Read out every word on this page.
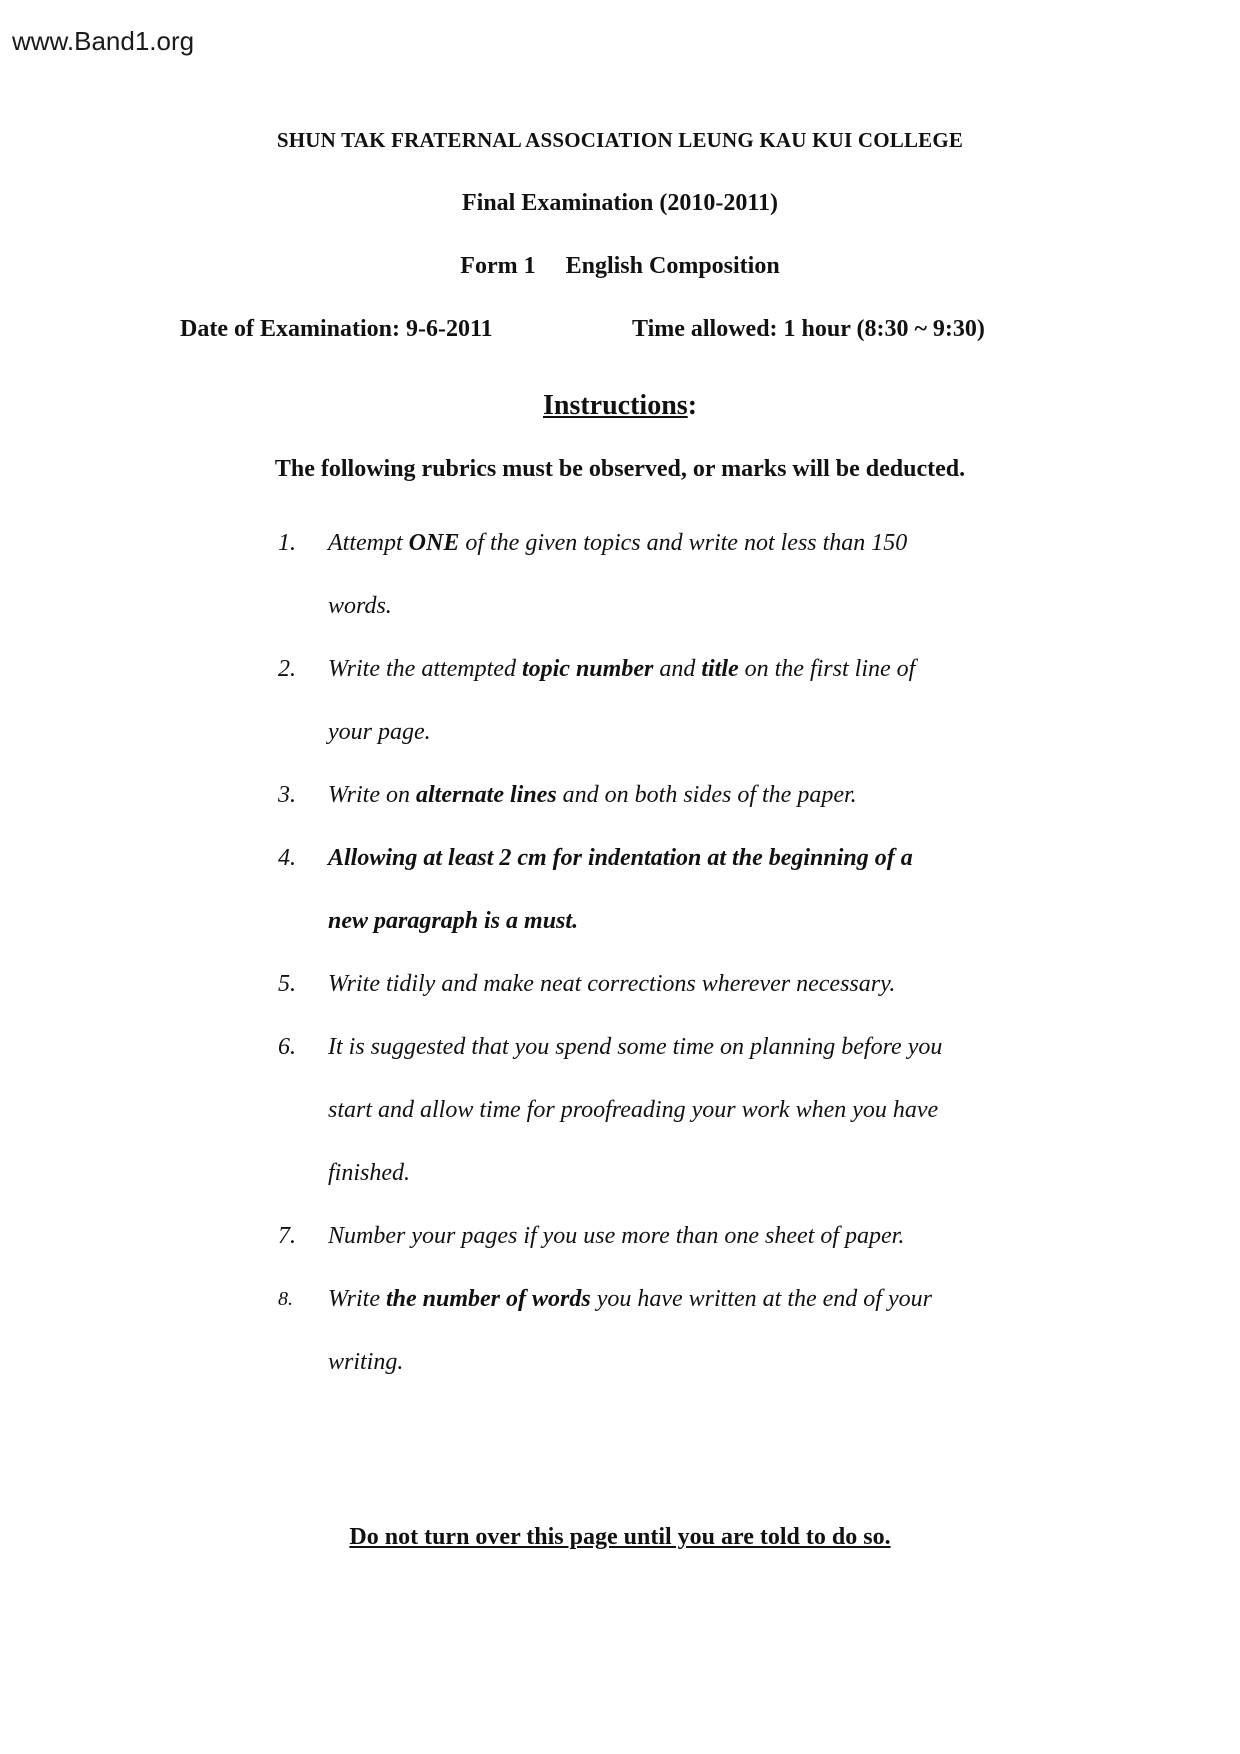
www.Band1.org
SHUN TAK FRATERNAL ASSOCIATION LEUNG KAU KUI COLLEGE
Final Examination (2010-2011)
Form 1 English Composition
Date of Examination: 9-6-2011	Time allowed: 1 hour (8:30 ~ 9:30)
Instructions:
The following rubrics must be observed, or marks will be deducted.
1. Attempt ONE of the given topics and write not less than 150
words.
2. Write the attempted topic number and title on the first line of
your page.
3. Write on alternate lines and on both sides of the paper.
4. Allowing at least 2 cm for indentation at the beginning of a
new paragraph is a must.
5. Write tidily and make neat corrections wherever necessary.
6. It is suggested that you spend some time on planning before you
start and allow time for proofreading your work when you have
finished.
7. Number your pages if you use more than one sheet of paper.
8. Write the number of words you have written at the end of your
writing.
Do not turn over this page until you are told to do so.
